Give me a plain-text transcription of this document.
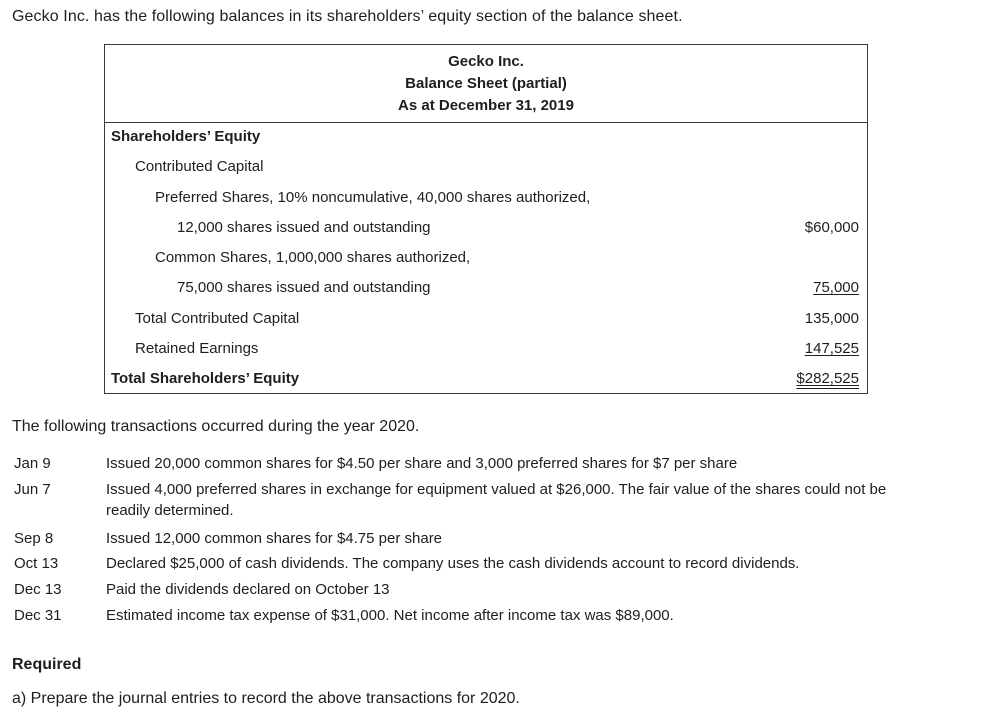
Gecko Inc. has the following balances in its shareholders’ equity section of the balance sheet.
Gecko Inc.
Balance Sheet (partial)
As at December 31, 2019
Shareholders’ Equity
Contributed Capital
Preferred Shares, 10% noncumulative, 40,000 shares authorized,
12,000 shares issued and outstanding	$60,000
Common Shares, 1,000,000 shares authorized,
75,000 shares issued and outstanding	75,000
Total Contributed Capital	135,000
Retained Earnings	147,525
Total Shareholders’ Equity	$282,525
The following transactions occurred during the year 2020.
Jan 9	Issued 20,000 common shares for $4.50 per share and 3,000 preferred shares for $7 per share
Jun 7	Issued 4,000 preferred shares in exchange for equipment valued at $26,000. The fair value of the shares could not be readily determined.
Sep 8	Issued 12,000 common shares for $4.75 per share
Oct 13	Declared $25,000 of cash dividends. The company uses the cash dividends account to record dividends.
Dec 13	Paid the dividends declared on October 13
Dec 31	Estimated income tax expense of $31,000. Net income after income tax was $89,000.
Required
a) Prepare the journal entries to record the above transactions for 2020.
